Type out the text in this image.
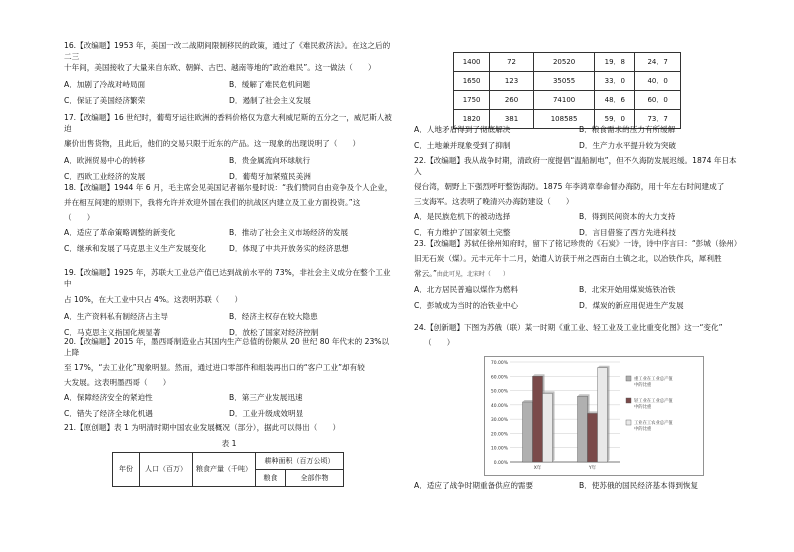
16.【改编题】1953 年，美国一改二战期间限制移民的政策，通过了《难民救济法》。在这之后的二三

十年间，美国接收了大量来自东欧、朝鲜、古巴、越南等地的“政治难民”。这一做法（　　）

A．加剧了冷战对峙局面	B．缓解了难民危机问题
C．保证了美国经济繁荣	D．遏制了社会主义发展

17.【改编题】16 世纪时，葡萄牙运往欧洲的香料价格仅为意大利威尼斯的五分之一，威尼斯人被迫

廉价出售货物，且此后，他们的交易只限于近东的产品。这一现象的出现说明了（　　）

A．欧洲贸易中心的转移	B．贵金属流向环球航行
C．西欧工业经济的发展	D．葡萄牙加紧殖民美洲

18.【改编题】1944 年 6 月，毛主席会见美国记者福尔曼时说：“我们赞同自由竞争及个人企业，

并在相互间建的原则下，我将允许并欢迎外国在我们的抗战区内建立及工业方面投资。”这

（　　）

A．适应了革命策略调整的新变化	B．推动了社会主义市场经济的发展
C．继承和发展了马克思主义生产发展变化	D．体现了中共开放务实的经济思想

19.【改编题】1925 年，苏联大工业总产值已达到战前水平的 73%，非社会主义成分在整个工业中

占 10%，在大工业中只占 4%。这表明苏联（　　）

A．生产资料私有制经济占主导	B．经济主权存在较大隐患
C．马克思主义指国化规显著	D．放松了国家对经济控制

20.【改编题】2015 年，墨西哥制造业占其国内生产总值的份额从 20 世纪 80 年代末的 23%以上降

至 17%，“去工业化”现象明显。然而，通过进口零部件和组装再出口的“客户工业”却有较

大发展。这表明墨西哥（　　）

A．保障经济安全的紧迫性	B．第三产业发展迅速
C．错失了经济全球化机遇	D．工业升级成效明显

21.【原创题】表 1 为明清时期中国农业发展概况（部分），据此可以得出（　　）

表 1

年份	人口（百万）	粮食产量（千吨）	耕种面积（百万公顷）	
			粮食	全部作物
1400	72	20520	19．8	24．7
1650	123	35055	33．0	40．0
1750	260	74100	48．6	60．0
1820	381	108585	59．0	73．7
A．人地矛盾得到了彻底解决	B．粮食需求的压力有所缓解
C．土地兼并现象受到了抑制	D．生产力水平提升较为突破

22.【改编题】我从战争时期，清政府一度提倡“温船制电”，但不久海防发展迟缓。1874 年日本入

侵台湾，朝野上下强烈呼吁整饬海防。1875 年李鸿章奉命督办海防，用十年左右时间建成了

三支海军。这表明了晚清兴办海防建设（　　）

A．是民族危机下的被动选择	B．得到民间资本的大力支持
C．有力维护了国家领土完整	D．言目借鉴了西方先进科技

23.【改编题】苏轼任徐州知府时，留下了铭记珍贵的《石炭》一诗，诗中序言曰：“彭城（徐州）

旧无石炭（煤）。元丰元年十二月，始遣人访获于州之西南白土镇之北，以冶铁作兵，犀利胜

常云。”由此可见，北宋时（　　）

A．北方居民普遍以煤作为燃料	B．北宋开始用煤炭炼铁冶铁
C．彭城成为当时的冶铁业中心	D．煤炭的新应用促进生产发展

24.【创新题】下图为苏俄（联）某一时期《重工业、轻工业及工业比重变化图》这一“变化”

（　　）

0.00%
10.00%
20.00%
30.00%
40.00%
50.00%
60.00%
70.00%
X年	Y年
重工业在工业总产值
中的比重
轻工业在工业总产值
中的比重
工业在工农业总产值
中的比重
A．适应了战争时期重备供应的需要	B．使苏俄的国民经济基本得到恢复
